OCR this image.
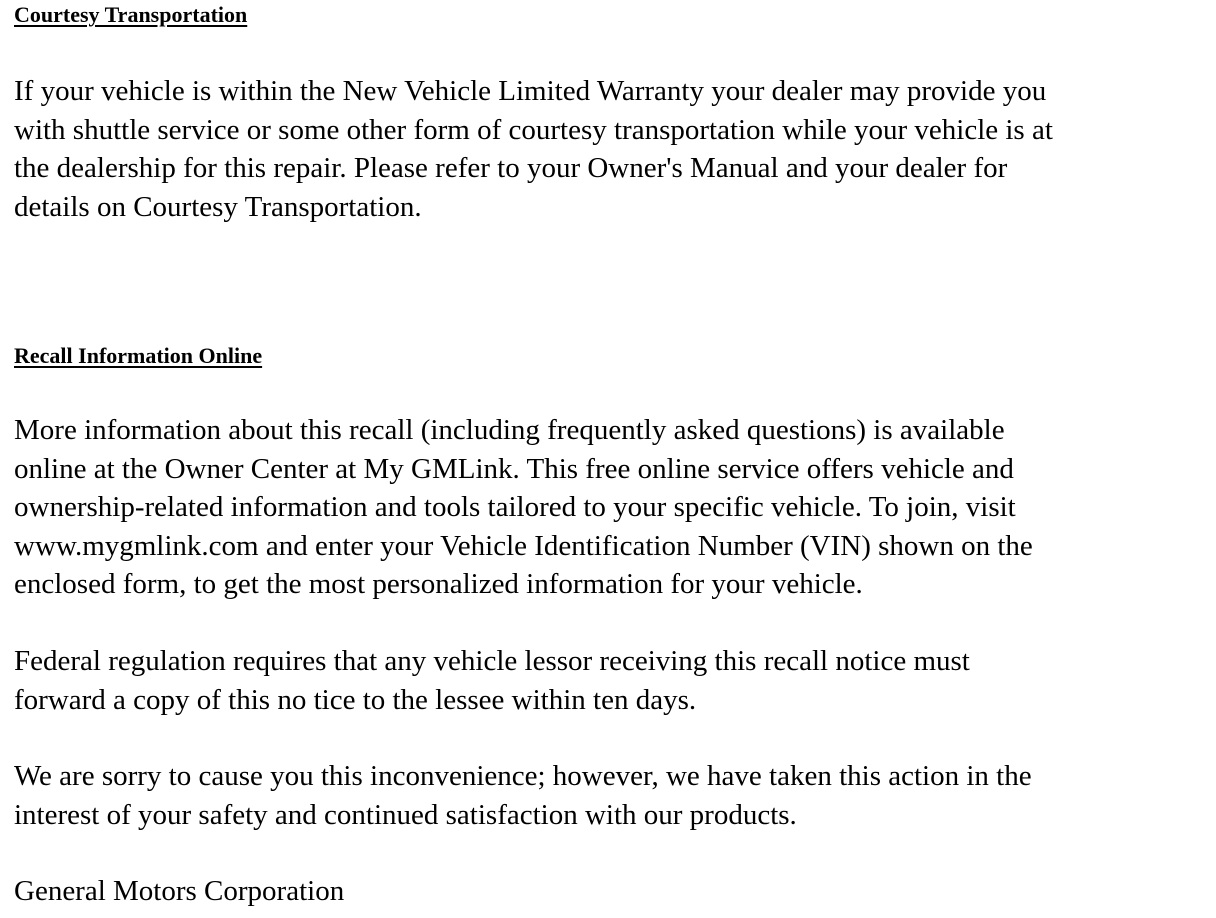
Courtesy Transportation

If your vehicle is within the New Vehicle Limited Warranty your dealer may provide you
with shuttle service or some other form of courtesy transportation while your vehicle is at
the dealership for this repair. Please refer to your Owner's Manual and your dealer for
details on Courtesy Transportation.

Recall Information Online

More information about this recall (including frequently asked questions) is available
online at the Owner Center at My GMLink. This free online service offers vehicle and
ownership-related information and tools tailored to your specific vehicle. To join, visit
www.mygmlink.com and enter your Vehicle Identification Number (VIN) shown on the
enclosed form, to get the most personalized information for your vehicle.

Federal regulation requires that any vehicle lessor receiving this recall notice must
forward a copy of this no tice to the lessee within ten days.

We are sorry to cause you this inconvenience; however, we have taken this action in the
interest of your safety and continued satisfaction with our products.

General Motors Corporation
